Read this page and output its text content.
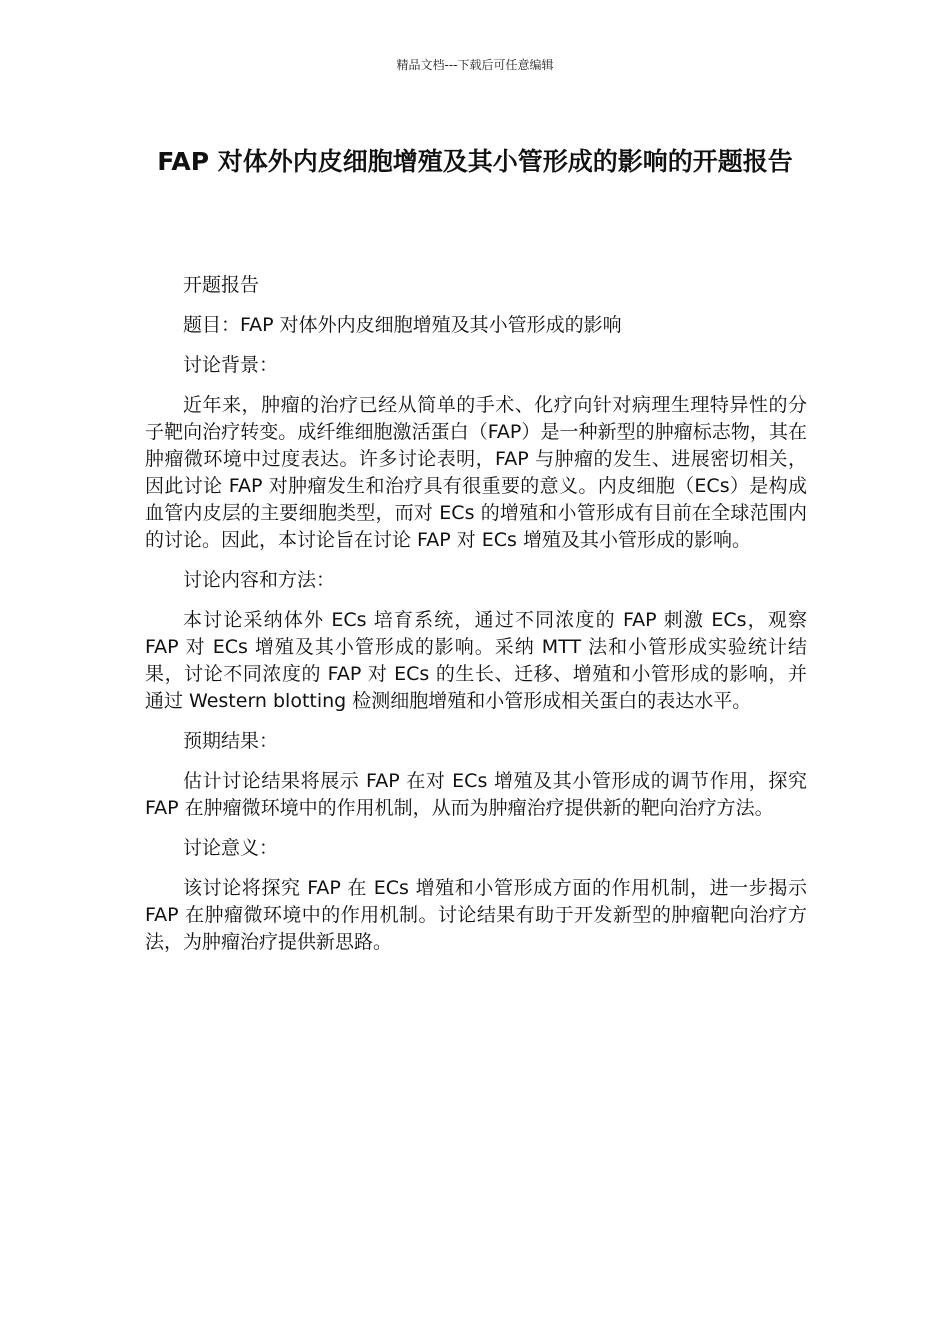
精品文档---下载后可任意编辑
FAP 对体外内皮细胞增殖及其小管形成的影响的开题报告

开题报告

题目：FAP 对体外内皮细胞增殖及其小管形成的影响

讨论背景：

近年来，肿瘤的治疗已经从简单的手术、化疗向针对病理生理特异性的分子靶向治疗转变。成纤维细胞激活蛋白（FAP）是一种新型的肿瘤标志物，其在肿瘤微环境中过度表达。许多讨论表明，FAP 与肿瘤的发生、进展密切相关，因此讨论 FAP 对肿瘤发生和治疗具有很重要的意义。内皮细胞（ECs）是构成血管内皮层的主要细胞类型，而对 ECs 的增殖和小管形成有目前在全球范围内的讨论。因此，本讨论旨在讨论 FAP 对 ECs 增殖及其小管形成的影响。

讨论内容和方法：

本讨论采纳体外 ECs 培育系统，通过不同浓度的 FAP 刺激 ECs，观察 FAP 对 ECs 增殖及其小管形成的影响。采纳 MTT 法和小管形成实验统计结果，讨论不同浓度的 FAP 对 ECs 的生长、迁移、增殖和小管形成的影响，并通过 Western blotting 检测细胞增殖和小管形成相关蛋白的表达水平。

预期结果：

估计讨论结果将展示 FAP 在对 ECs 增殖及其小管形成的调节作用，探究 FAP 在肿瘤微环境中的作用机制，从而为肿瘤治疗提供新的靶向治疗方法。

讨论意义：

该讨论将探究 FAP 在 ECs 增殖和小管形成方面的作用机制，进一步揭示 FAP 在肿瘤微环境中的作用机制。讨论结果有助于开发新型的肿瘤靶向治疗方法，为肿瘤治疗提供新思路。
